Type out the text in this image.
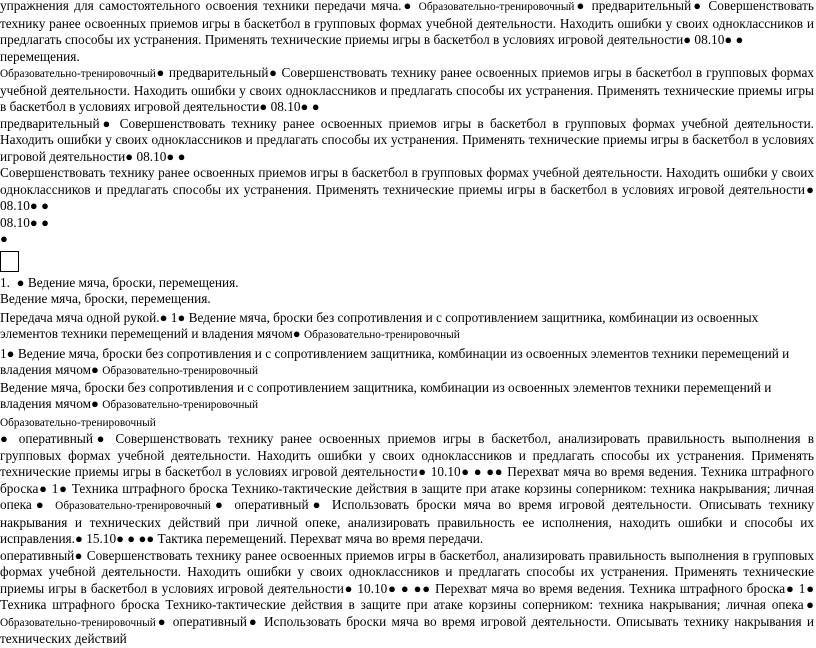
упражнения для самостоятельного освоения техники передачи мяча.● Образовательно-тренировочный● предварительный● Совершенствовать технику ранее освоенных приемов игры в баскетбол в групповых формах учебной деятельности. Находить ошибки у своих одноклассников и предлагать способы их устранения. Применять технические приемы игры в баскетбол в условиях игровой деятельности● 08.10● ●

перемещения.

Образовательно-тренировочный● предварительный● Совершенствовать технику ранее освоенных приемов игры в баскетбол в групповых формах учебной деятельности. Находить ошибки у своих одноклассников и предлагать способы их устранения. Применять технические приемы игры в баскетбол в условиях игровой деятельности● 08.10● ●

предварительный● Совершенствовать технику ранее освоенных приемов игры в баскетбол в групповых формах учебной деятельности. Находить ошибки у своих одноклассников и предлагать способы их устранения. Применять технические приемы игры в баскетбол в условиях игровой деятельности● 08.10● ●

Совершенствовать технику ранее освоенных приемов игры в баскетбол в групповых формах учебной деятельности. Находить ошибки у своих одноклассников и предлагать способы их устранения. Применять технические приемы игры в баскетбол в условиях игровой деятельности● 08.10● ●

08.10● ●

●

1. ● Ведение мяча, броски, перемещения.

Ведение мяча, броски, перемещения.

Передача мяча одной рукой.● 1● Ведение мяча, броски без сопротивления и с сопротивлением защитника, комбинации из освоенных элементов техники перемещений и владения мячом● Образовательно-тренировочный

1● Ведение мяча, броски без сопротивления и с сопротивлением защитника, комбинации из освоенных элементов техники перемещений и владения мячом● Образовательно-тренировочный

Ведение мяча, броски без сопротивления и с сопротивлением защитника, комбинации из освоенных элементов техники перемещений и владения мячом● Образовательно-тренировочный

Образовательно-тренировочный

● оперативный● Совершенствовать технику ранее освоенных приемов игры в баскетбол, анализировать правильность выполнения в групповых формах учебной деятельности. Находить ошибки у своих одноклассников и предлагать способы их устранения. Применять технические приемы игры в баскетбол в условиях игровой деятельности● 10.10● ● ●● Перехват мяча во время ведения. Техника штрафного броска● 1● Техника штрафного броска Технико-тактические действия в защите при атаке корзины соперником: техника накрывания; личная опека● Образовательно-тренировочный● оперативный● Использовать броски мяча во время игровой деятельности. Описывать технику накрывания и технических действий при личной опеке, анализировать правильность ее исполнения, находить ошибки и способы их исправления.● 15.10● ● ●● Тактика перемещений. Перехват мяча во время передачи.

оперативный● Совершенствовать технику ранее освоенных приемов игры в баскетбол, анализировать правильность выполнения в групповых формах учебной деятельности. Находить ошибки у своих одноклассников и предлагать способы их устранения. Применять технические приемы игры в баскетбол в условиях игровой деятельности● 10.10● ● ●● Перехват мяча во время ведения. Техника штрафного броска● 1● Техника штрафного броска Технико-тактические действия в защите при атаке корзины соперником: техника накрывания; личная опека● Образовательно-тренировочный● оперативный● Использовать броски мяча во время игровой деятельности. Описывать технику накрывания и технических действий
